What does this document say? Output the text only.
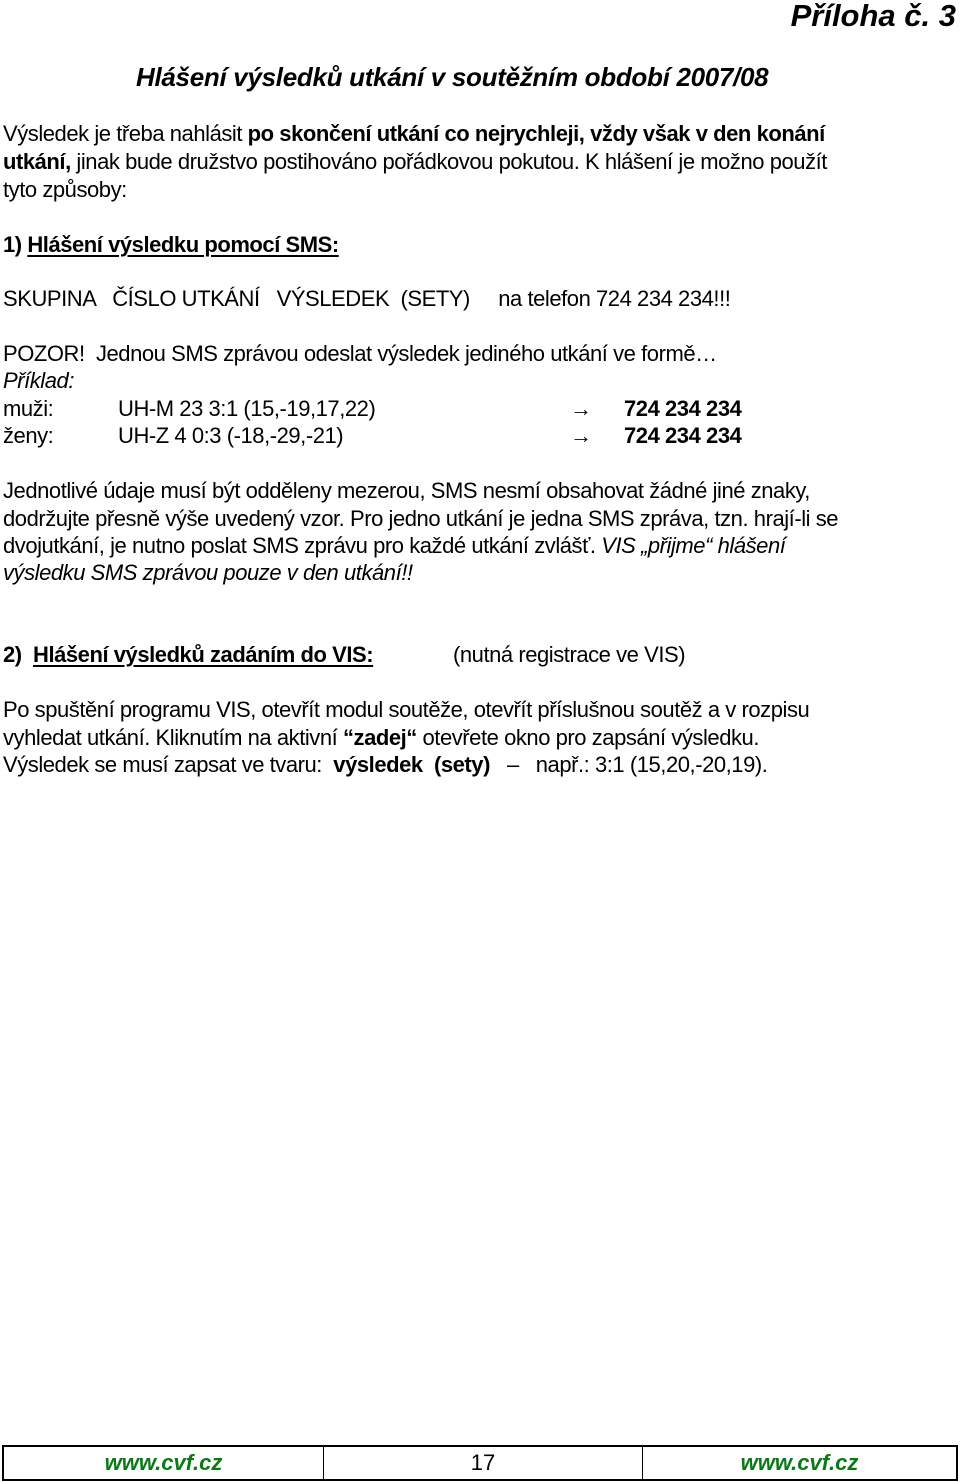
Příloha č. 3
Hlášení výsledků utkání v soutěžním období 2007/08
Výsledek je třeba nahlásit po skončení utkání co nejrychleji, vždy však v den konání
utkání, jinak bude družstvo postihováno pořádkovou pokutou. K hlášení je možno použít
tyto způsoby:
1) Hlášení výsledku pomocí SMS:
SKUPINA   ČÍSLO UTKÁNÍ   VÝSLEDEK  (SETY)     na telefon 724 234 234!!!
POZOR!  Jednou SMS zprávou odeslat výsledek jediného utkání ve formě…
Příklad:
muži:	UH-M 23 3:1 (15,-19,17,22)	→ 724 234 234
ženy:	UH-Z 4 0:3 (-18,-29,-21)	→ 724 234 234
Jednotlivé údaje musí být odděleny mezerou, SMS nesmí obsahovat žádné jiné znaky,
dodržujte přesně výše uvedený vzor. Pro jedno utkání je jedna SMS zpráva, tzn. hrají-li se
dvojutkání, je nutno poslat SMS zprávu pro každé utkání zvlášť. VIS „přijme“ hlášení
výsledku SMS zprávou pouze v den utkání!!
2) Hlášení výsledků zadáním do VIS:	(nutná registrace ve VIS)
Po spuštění programu VIS, otevřít modul soutěže, otevřít příslušnou soutěž a v rozpisu
vyhledat utkání. Kliknutím na aktivní “zadej“ otevřete okno pro zapsání výsledku.
Výsledek se musí zapsat ve tvaru:  výsledek  (sety)   –   např.: 3:1 (15,20,-20,19).
www.cvf.cz	17	www.cvf.cz
